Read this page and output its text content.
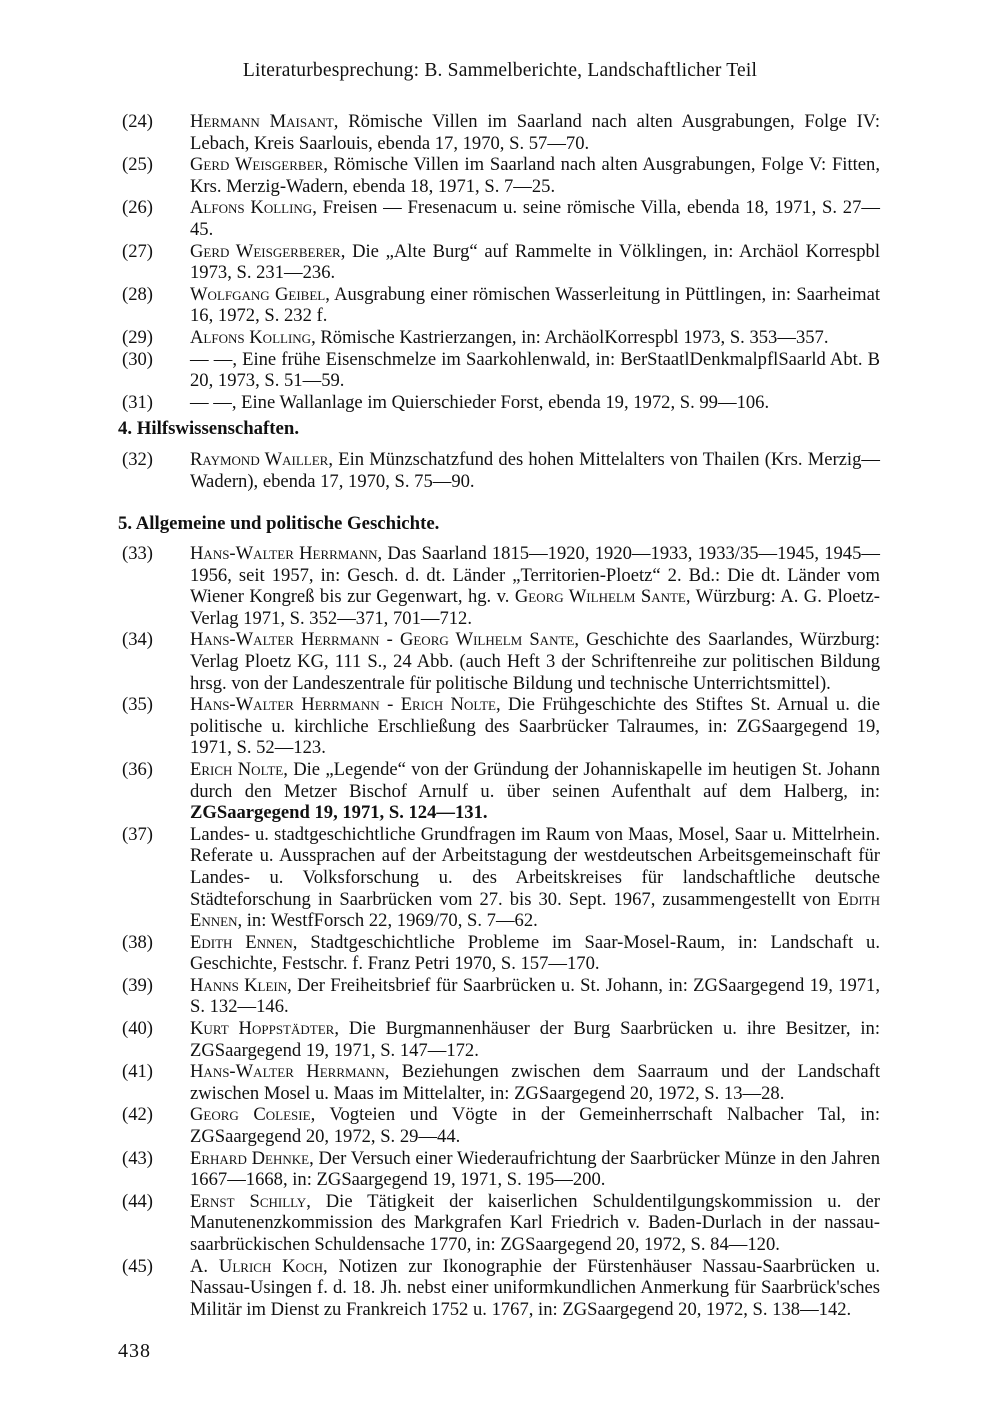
Literaturbesprechung: B. Sammelberichte, Landschaftlicher Teil

(24) Hermann Maisant, Römische Villen im Saarland nach alten Ausgrabungen, Folge IV: Lebach, Kreis Saarlouis, ebenda 17, 1970, S. 57—70.

(25) Gerd Weisgerber, Römische Villen im Saarland nach alten Ausgrabungen, Folge V: Fitten, Krs. Merzig-Wadern, ebenda 18, 1971, S. 7—25.

(26) Alfons Kolling, Freisen — Fresenacum u. seine römische Villa, ebenda 18, 1971, S. 27—45.

(27) Gerd Weisgerberer, Die „Alte Burg“ auf Rammelte in Völklingen, in: Archäol Korrespbl 1973, S. 231—236.

(28) Wolfgang Geibel, Ausgrabung einer römischen Wasserleitung in Püttlingen, in: Saarheimat 16, 1972, S. 232 f.

(29) Alfons Kolling, Römische Kastrierzangen, in: ArchäolKorrespbl 1973, S. 353—357.

(30) — —, Eine frühe Eisenschmelze im Saarkohlenwald, in: BerStaatlDenkmalpflSaarld Abt. B 20, 1973, S. 51—59.

(31) — —, Eine Wallanlage im Quierschieder Forst, ebenda 19, 1972, S. 99—106.

4. Hilfswissenschaften.

(32) Raymond Wailler, Ein Münzschatzfund des hohen Mittelalters von Thailen (Krs. Merzig—Wadern), ebenda 17, 1970, S. 75—90.

5. Allgemeine und politische Geschichte.

(33) Hans-Walter Herrmann, Das Saarland 1815—1920, 1920—1933, 1933/35—1945, 1945—1956, seit 1957, in: Gesch. d. dt. Länder „Territorien-Ploetz“ 2. Bd.: Die dt. Länder vom Wiener Kongreß bis zur Gegenwart, hg. v. Georg Wilhelm Sante, Würzburg: A. G. Ploetz-Verlag 1971, S. 352—371, 701—712.

(34) Hans-Walter Herrmann - Georg Wilhelm Sante, Geschichte des Saarlandes, Würzburg: Verlag Ploetz KG, 111 S., 24 Abb. (auch Heft 3 der Schriftenreihe zur politischen Bildung hrsg. von der Landeszentrale für politische Bildung und technische Unterrichtsmittel).

(35) Hans-Walter Herrmann - Erich Nolte, Die Frühgeschichte des Stiftes St. Arnual u. die politische u. kirchliche Erschließung des Saarbrücker Talraumes, in: ZGSaargegend 19, 1971, S. 52—123.

(36) Erich Nolte, Die „Legende“ von der Gründung der Johanniskapelle im heutigen St. Johann durch den Metzer Bischof Arnulf u. über seinen Aufenthalt auf dem Halberg, in: ZGSaargegend 19, 1971, S. 124—131.

(37) Landes- u. stadtgeschichtliche Grundfragen im Raum von Maas, Mosel, Saar u. Mittelrhein. Referate u. Aussprachen auf der Arbeitstagung der westdeutschen Arbeitsgemeinschaft für Landes- u. Volksforschung u. des Arbeitskreises für landschaftliche deutsche Städteforschung in Saarbrücken vom 27. bis 30. Sept. 1967, zusammengestellt von Edith Ennen, in: WestfForsch 22, 1969/70, S. 7—62.

(38) Edith Ennen, Stadtgeschichtliche Probleme im Saar-Mosel-Raum, in: Landschaft u. Geschichte, Festschr. f. Franz Petri 1970, S. 157—170.

(39) Hanns Klein, Der Freiheitsbrief für Saarbrücken u. St. Johann, in: ZGSaargegend 19, 1971, S. 132—146.

(40) Kurt Hoppstädter, Die Burgmannenhäuser der Burg Saarbrücken u. ihre Besitzer, in: ZGSaargegend 19, 1971, S. 147—172.

(41) Hans-Walter Herrmann, Beziehungen zwischen dem Saarraum und der Landschaft zwischen Mosel u. Maas im Mittelalter, in: ZGSaargegend 20, 1972, S. 13—28.

(42) Georg Colesie, Vogteien und Vögte in der Gemeinherrschaft Nalbacher Tal, in: ZGSaargegend 20, 1972, S. 29—44.

(43) Erhard Dehnke, Der Versuch einer Wiederaufrichtung der Saarbrücker Münze in den Jahren 1667—1668, in: ZGSaargegend 19, 1971, S. 195—200.

(44) Ernst Schilly, Die Tätigkeit der kaiserlichen Schuldentilgungskommission u. der Manutenenzkommission des Markgrafen Karl Friedrich v. Baden-Durlach in der nassau-saarbrückischen Schuldensache 1770, in: ZGSaargegend 20, 1972, S. 84—120.

(45) A. Ulrich Koch, Notizen zur Ikonographie der Fürstenhäuser Nassau-Saarbrücken u. Nassau-Usingen f. d. 18. Jh. nebst einer uniformkundlichen Anmerkung für Saarbrück'sches Militär im Dienst zu Frankreich 1752 u. 1767, in: ZGSaargegend 20, 1972, S. 138—142.

438
